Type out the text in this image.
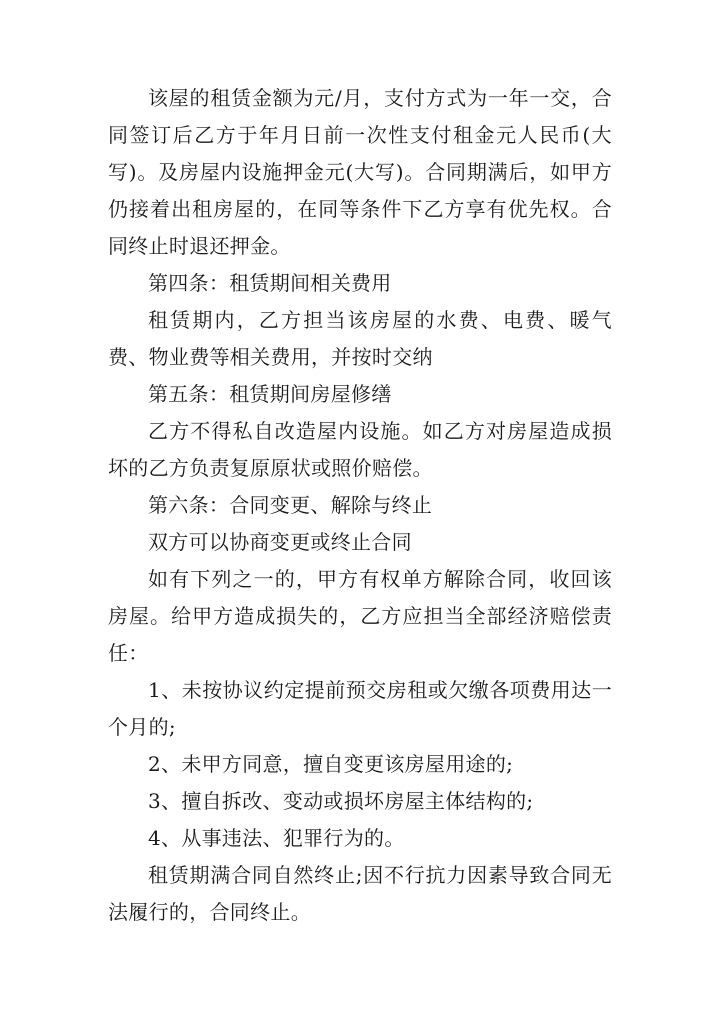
该屋的租赁金额为元/月，支付方式为一年一交，合同签订后乙方于年月日前一次性支付租金元人民币(大写)。及房屋内设施押金元(大写)。合同期满后，如甲方仍接着出租房屋的，在同等条件下乙方享有优先权。合同终止时退还押金。

第四条：租赁期间相关费用

租赁期内，乙方担当该房屋的水费、电费、暖气费、物业费等相关费用，并按时交纳

第五条：租赁期间房屋修缮

乙方不得私自改造屋内设施。如乙方对房屋造成损坏的乙方负责复原原状或照价赔偿。

第六条：合同变更、解除与终止

双方可以协商变更或终止合同

如有下列之一的，甲方有权单方解除合同，收回该房屋。给甲方造成损失的，乙方应担当全部经济赔偿责任：

1、未按协议约定提前预交房租或欠缴各项费用达一个月的;

2、未甲方同意，擅自变更该房屋用途的;

3、擅自拆改、变动或损坏房屋主体结构的;

4、从事违法、犯罪行为的。

租赁期满合同自然终止;因不行抗力因素导致合同无法履行的，合同终止。
